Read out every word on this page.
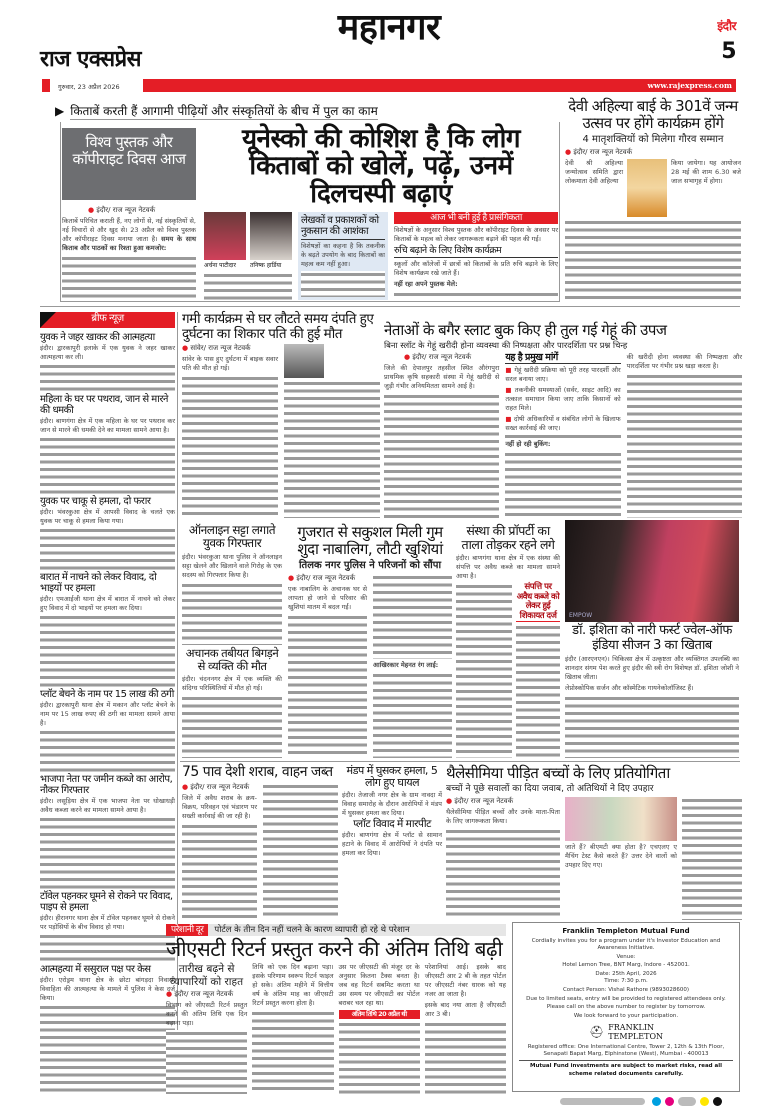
राज एक्सप्रेस
गुरुवार, 23 अप्रैल 2026
महानगर	इंदौर
5
www.rajexpress.com
▶ किताबें करती हैं आगामी पीढ़ियों और संस्कृतियों के बीच में पुल का काम
विश्व पुस्तक और कॉपीराइट दिवस आज
● इंदौर/ राज न्यूज नेटवर्क
किताबें परिचित कराती हैं, नए लोगों से, नई संस्कृतियों से, नई विचारों से और खुद से। 23 अप्रैल को विश्व पुस्तक और कॉपीराइट दिवस मनाया जाता है। समय के साथ किताब और पाठकों का रिश्ता हुआ कमजोर:
यूनेस्को की कोशिश है कि लोग किताबों को खोलें, पढ़ें, उनमें दिलचस्पी बढ़ाएं
अर्चना पाटीदार	तनिष्क हार्डिया
लेखकों व प्रकाशकों को नुकसान की आशंका
विशेषज्ञों का कहना है कि तकनीक के बढ़ते उपयोग के बाद किताबों का महत्व कम नहीं हुआ।
आज भी बनी हुई है प्रासंगिकता
विशेषज्ञों के अनुसार विश्व पुस्तक और कॉपीराइट दिवस के अवसर पर किताबों के महत्व को लेकर जागरूकता बढ़ाने की पहल की गई।
रुचि बढ़ाने के लिए विशेष कार्यक्रम
स्कूलों और कॉलेजों में छात्रों को किताबों के प्रति रुचि बढ़ाने के लिए विशेष कार्यक्रम रखे जाते हैं।
नहीं रहा अपने पुस्तक मेले:
देवी अहिल्या बाई के 301वें जन्म उत्सव पर होंगे कार्यक्रम होंगे
4 मातृशक्तियों को मिलेगा गौरव सम्मान
● इंदौर/ राज न्यूज नेटवर्क
देवी श्री अहिल्या जन्मोत्सव समिति द्वारा लोकमाता देवी अहिल्या
किया जायेगा। यह आयोजन 28 मई की शाम 6.30 बजे जाल सभागृह में होगा।
ब्रीफ न्यूज़
युवक ने जहर खाकर की आत्महत्या
इंदौर। द्वारकापुरी इलाके में एक युवक ने जहर खाकर आत्महत्या कर ली।
महिला के घर पर पथराव, जान से मारने की धमकी
इंदौर। बाणगंगा क्षेत्र में एक महिला के घर पर पथराव कर जान से मारने की धमकी देने का मामला सामने आया है।
युवक पर चाकू से हमला, दो फरार
इंदौर। भंवरकुआ क्षेत्र में आपसी विवाद के चलते एक युवक पर चाकू से हमला किया गया।
बारात में नाचने को लेकर विवाद, दो भाइयों पर हमला
इंदौर। एमआईजी थाना क्षेत्र में बारात में नाचने को लेकर हुए विवाद में दो भाइयों पर हमला कर दिया।
प्लॉट बेचने के नाम पर 15 लाख की ठगी
इंदौर। द्वारकापुरी थाना क्षेत्र में मकान और प्लॉट बेचने के नाम पर 15 लाख रुपए की ठगी का मामला सामने आया है।
भाजपा नेता पर जमीन कब्जे का आरोप, नौकर गिरफ्तार
इंदौर। लसूड़िया क्षेत्र में एक भाजपा नेता पर धोखाधड़ी अवैध कब्जा करने का मामला सामने आया है।
टॉवेल पहनकर घूमने से रोकने पर विवाद, पाइप से हमला
इंदौर। हीरानगर थाना क्षेत्र में टॉवेल पहनकर घूमने से रोकने पर पड़ोसियों के बीच विवाद हो गया।
आत्महत्या में ससुराल पक्ष पर केस
इंदौर। एरोड्रम थाना क्षेत्र के छोटा बांगड़दा निवासी विवाहिता की आत्महत्या के मामले में पुलिस ने केस दर्ज किया।
गमी कार्यक्रम से घर लौटते समय दंपति हुए दुर्घटना का शिकार पति की हुई मौत
● सांवेर/ राज न्यूज नेटवर्क
सांवेर के पास हुए दुर्घटना में बाइक सवार पति की मौत हो गई।
नेताओं के बगैर स्लाट बुक किए ही तुल गई गेहूं की उपज
बिना स्लॉट के गेहूं खरीदी होना व्यवस्था की निष्पक्षता और पारदर्शिता पर प्रश्न चिन्ह
● इंदौर/ राज न्यूज नेटवर्क
जिले की देपालपुर तहसील स्थित औरंगपुरा प्राथमिक कृषि सहकारी संस्था में गेहूं खरीदी से जुड़ी गंभीर अनियमितता सामने आई है।
यह है प्रमुख मांगें
■ गेहूं खरीदी प्रक्रिया को पूरी तरह पारदर्शी और सरल बनाया जाए।
■ तकनीकी समस्याओं (सर्वर, साइट आदि) का तत्काल समाधान किया जाए ताकि किसानों को राहत मिले।
■ दोषी अधिकारियों व संबंधित लोगों के खिलाफ सख्त कार्रवाई की जाए।
नहीं हो रही बुकिंग:
की खरीदी होना व्यवस्था की निष्पक्षता और पारदर्शिता पर गंभीर प्रश्न खड़ा करता है।
ऑनलाइन सट्टा लगाते युवक गिरफ्तार
इंदौर। भंवरकुआ थाना पुलिस ने ऑनलाइन सट्टा खेलने और खिलाने वाले गिरोह के एक सदस्य को गिरफ्तार किया है।
अचानक तबीयत बिगड़ने से व्यक्ति की मौत
इंदौर। चंदननगर क्षेत्र में एक व्यक्ति की संदिग्ध परिस्थितियों में मौत हो गई।
गुजरात से सकुशल मिली गुम शुदा नाबालिग, लौटी खुशियां
तिलक नगर पुलिस ने परिजनों को सौंपा
● इंदौर/ राज न्यूज नेटवर्क
एक नाबालिग के अचानक घर से लापता हो जाने से परिवार की खुशियां मातम में बदल गईं।
आखिरकार मेहनत रंग लाई:
संस्था की प्रॉपर्टी का ताला तोड़कर रहने लगे
इंदौर। बाणगंगा थाना क्षेत्र में एक संस्था की संपत्ति पर अवैध कब्जे का मामला सामने आया है।
संपत्ति पर अवैध कब्जे को लेकर हुई शिकायत दर्ज	EMPOW
डॉ. इशिता को नारी फर्स्ट ज्वेल-ऑफ इंडिया सीजन 3 का खिताब
इंदौर (आरएनएन)। चिकित्सा क्षेत्र में उत्कृष्टता और व्यक्तिगत उपलब्धि का शानदार संगम पेश करते हुए इंदौर की स्त्री रोग विशेषज्ञ डॉ. इशिता जोशी ने खिताब जीता।
लेप्रोस्कोपिक सर्जन और कॉस्मेटिक गायनेकोलॉजिस्ट हैं।
75 पाव देशी शराब, वाहन जब्त
● इंदौर/ राज न्यूज नेटवर्क
जिले में अवैध शराब के क्रय-विक्रय, परिवहन एवं भंडारण पर सख्ती कार्रवाई की जा रही है।
मंडप में घुसकर हमला, 5 लोग हुए घायल
इंदौर। तेजाजी नगर क्षेत्र के ग्राम नावदा में विवाह समारोह के दौरान आरोपियों ने मंडप में घुसकर हमला कर दिया।
प्लॉट विवाद में मारपीट
इंदौर। बाणगंगा क्षेत्र में प्लॉट से सामान हटाने के विवाद में आरोपियों ने दंपति पर हमला कर दिया।
थैलेसीमिया पीड़ित बच्चों के लिए प्रतियोगिता
बच्चों ने पूछे सवालों का दिया जवाब, तो अतिथियों ने दिए उपहार
● इंदौर/ राज न्यूज नेटवर्क
थैलेसीमिया पीड़ित बच्चों और उनके माता-पिता के लिए जागरूकता किया।
जाते हैं? बीएमटी क्या होता है? एचएलए ए मैचिंग टेस्ट कैसे करते हैं? उत्तर देने वालों को उपहार दिए गए।
परेशानी दूर	पोर्टल के तीन दिन नहीं चलने के कारण व्यापारी हो रहे थे परेशान
जीएसटी रिटर्न प्रस्तुत करने की अंतिम तिथि बढ़ी
तारीख बढ़ने से व्यापारियों को राहत
● इंदौर/ राज न्यूज नेटवर्क
विभाग को जीएसटी रिटर्न प्रस्तुत करने की अंतिम तिथि एक दिन बढ़ाना पड़ा।
तिथि को एक दिन बढ़ाना पड़ा। इसके परिणाम स्वरूप रिटर्न फाइल हो सके। अंतिम महीने में वित्तीय वर्ष के अंतिम माह का जीएसटी रिटर्न प्रस्तुत करना होता है।
उस पर जीएसटी की मंजूर दर के अनुसार कितना टैक्स बनता है। जब वह रिटर्न सबमिट करता था उस समय पर जीएसटी का पोर्टल बराबर चल रहा था।
अंतिम तिथि 20 अप्रैल थी
परेशानियां आई। इसके बाद जीएसटी आर 2 बी के तहत पोर्टल पर जीएसटी नंबर धारक को यह नजर आ जाता है।
इसके बाद नया आता है जीएसटी आर 3 बी।
Franklin Templeton Mutual Fund
Cordially invites you for a program under it's Investor Education and Awareness Initiative.
Venue:
Hotel Lemon Tree, BNT Marg, Indore - 452001.
Date: 25th April, 2026
Time: 7:30 p.m.
Contact Person: Vishal Rathore (9893028600)
Due to limited seats, entry will be provided to registered attendees only. Please call on the above number to register by tomorrow.
We look forward to your participation.
⛑ FRANKLIN
TEMPLETON
Registered office: One International Centre, Tower 2, 12th & 13th Floor, Senapati Bapat Marg, Elphinstone (West), Mumbai - 400013
Mutual Fund investments are subject to market risks, read all scheme related documents carefully.
